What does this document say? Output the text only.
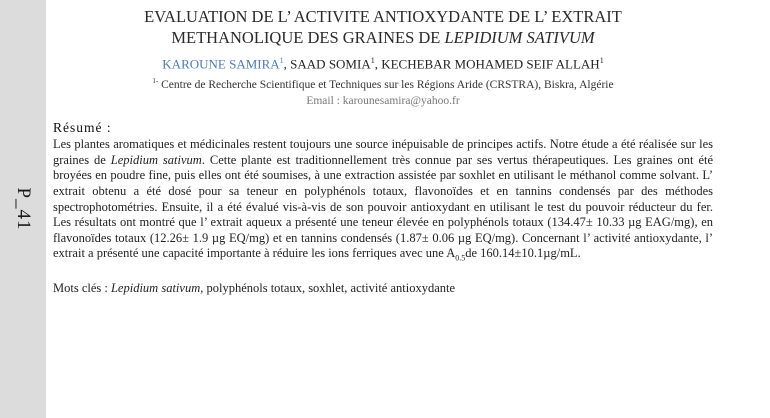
P_41
EVALUATION DE L’ ACTIVITE ANTIOXYDANTE DE L’ EXTRAIT
METHANOLIQUE DES GRAINES DE LEPIDIUM SATIVUM
KAROUNE SAMIRA$^1$, SAAD SOMIA$^1$, KECHEBAR MOHAMED SEIF ALLAH$^1$
$^{1-}$ Centre de Recherche Scientifique et Techniques sur les Régions Aride (CRSTRA), Biskra, Algérie
Email : karounesamira@yahoo.fr
Résumé :
Les plantes aromatiques et médicinales restent toujours une source inépuisable de principes actifs. Notre étude a été réalisée sur les graines de Lepidium sativum. Cette plante est traditionnellement très connue par ses vertus thérapeutiques. Les graines ont été broyées en poudre fine, puis elles ont été soumises, à une extraction assistée par soxhlet en utilisant le méthanol comme solvant. L’ extrait obtenu a été dosé pour sa teneur en polyphénols totaux, flavonoïdes et en tannins condensés par des méthodes spectrophotométries. Ensuite, il a été évalué vis-à-vis de son pouvoir antioxydant en utilisant le test du pouvoir réducteur du fer. Les résultats ont montré que l’ extrait aqueux a présenté une teneur élevée en polyphénols totaux (134.47± 10.33 µg EAG/mg), en flavonoïdes totaux (12.26± 1.9 µg EQ/mg) et en tannins condensés (1.87± 0.06 µg EQ/mg). Concernant l’ activité antioxydante, l’ extrait a présenté une capacité importante à réduire les ions ferriques avec une $A_{0.5}de$ 160.14±10.1µg/mL.
Mots clés : Lepidium sativum, polyphénols totaux, soxhlet, activité antioxydante
